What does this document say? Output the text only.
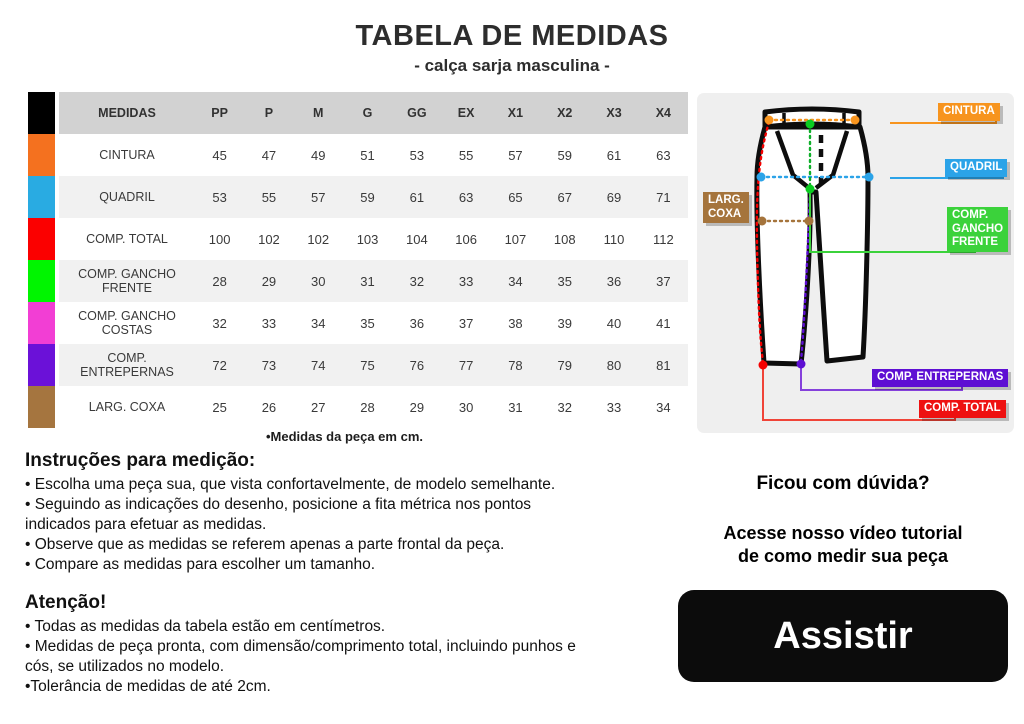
TABELA DE MEDIDAS
- calça sarja masculina -
MEDIDAS	PP	P	M	G	GG	EX	X1	X2	X3	X4
CINTURA	45	47	49	51	53	55	57	59	61	63
QUADRIL	53	55	57	59	61	63	65	67	69	71
COMP. TOTAL	100	102	102	103	104	106	107	108	110	112
COMP. GANCHO FRENTE	28	29	30	31	32	33	34	35	36	37
COMP. GANCHO COSTAS	32	33	34	35	36	37	38	39	40	41
COMP. ENTREPERNAS	72	73	74	75	76	77	78	79	80	81
LARG. COXA	25	26	27	28	29	30	31	32	33	34
•Medidas da peça em cm.
CINTURA
QUADRIL
LARG.
COXA	COMP.
GANCHO
FRENTE
COMP. ENTREPERNAS
COMP. TOTAL
Instruções para medição:
• Escolha uma peça sua, que vista confortavelmente, de modelo semelhante.
• Seguindo as indicações do desenho, posicione a fita métrica nos pontos indicados para efetuar as medidas.
• Observe que as medidas se referem apenas a parte frontal da peça.
• Compare as medidas para escolher um tamanho.
Atenção!
• Todas as medidas da tabela estão em centímetros.
• Medidas de peça pronta, com dimensão/comprimento total, incluindo punhos e cós, se utilizados no modelo.
•Tolerância de medidas de até 2cm.
Ficou com dúvida?
Acesse nosso vídeo tutorial
de como medir sua peça
Assistir
